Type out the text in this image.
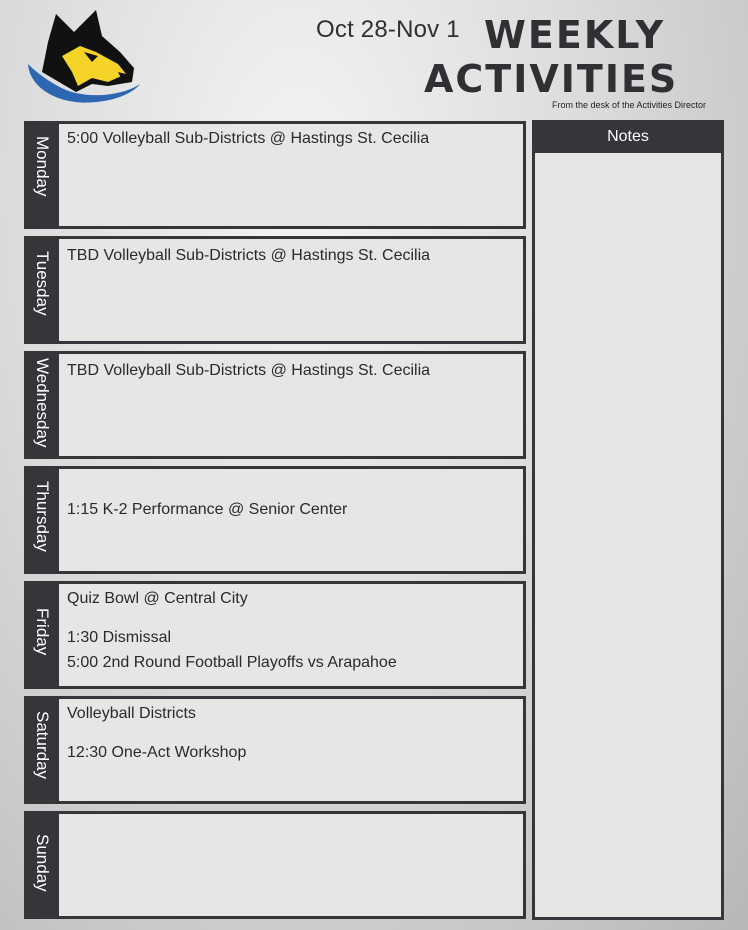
Oct 28-Nov 1 WEEKLY
ACTIVITIES
From the desk of the Activities Director
Monday 5:00 Volleyball Sub-Districts @ Hastings St. Cecilia
Tuesday TBD Volleyball Sub-Districts @ Hastings St. Cecilia
Wednesday TBD Volleyball Sub-Districts @ Hastings St. Cecilia
Thursday 1:15 K-2 Performance @ Senior Center
Friday
Quiz Bowl @ Central City
1:30 Dismissal
5:00 2nd Round Football Playoffs vs Arapahoe
Saturday Volleyball Districts
12:30 One-Act Workshop
Sunday
Notes
